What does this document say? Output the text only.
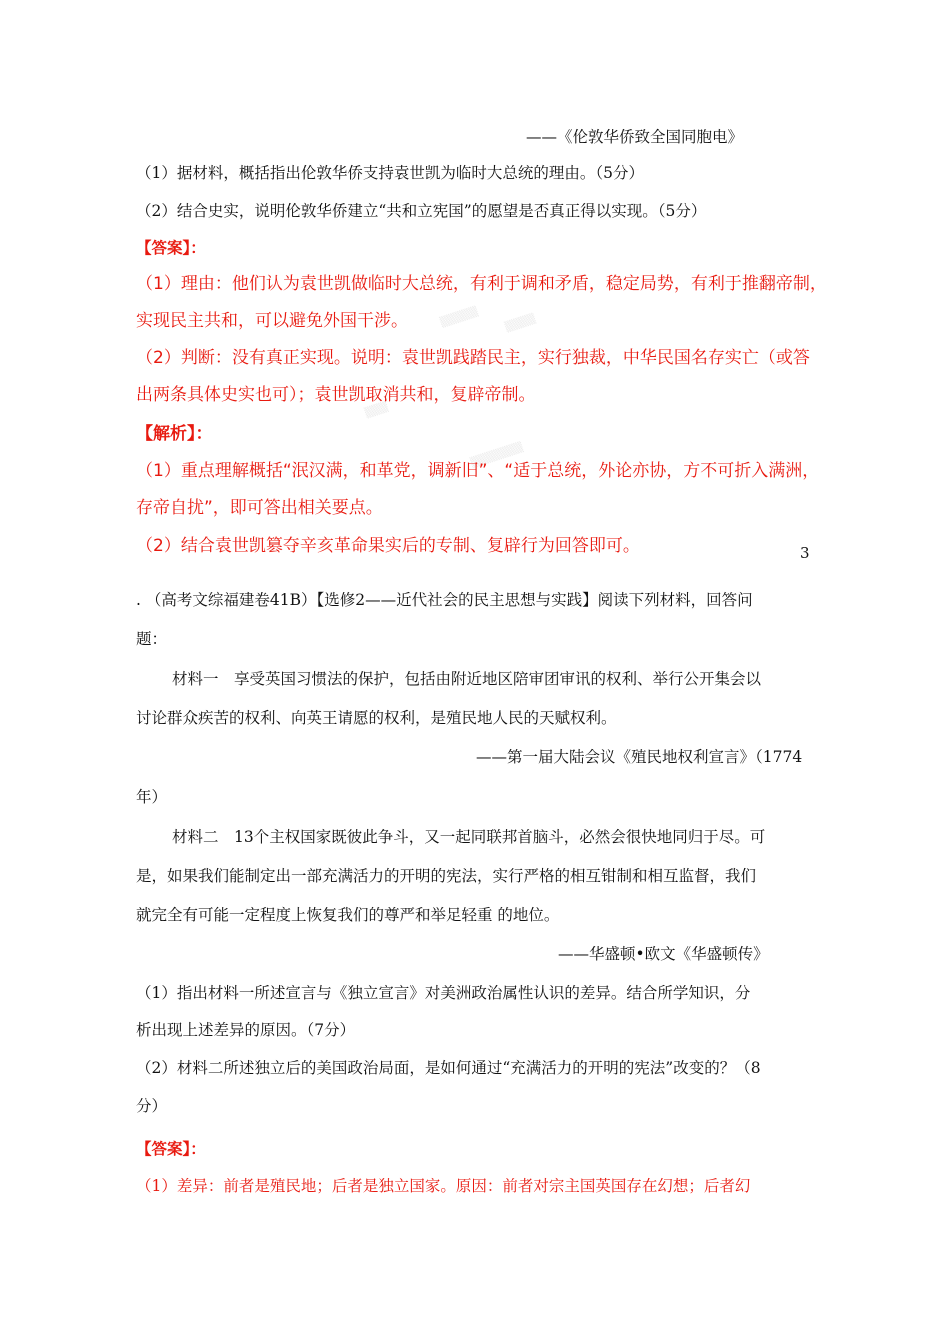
▒▒▒▒▒ ▒▒▒▒
▒▒▒
▒▒▒▒▒▒▒
——《伦敦华侨致全国同胞电》
（1）据材料，概括指出伦敦华侨支持袁世凯为临时大总统的理由。（5分）
（2）结合史实，说明伦敦华侨建立“共和立宪国”的愿望是否真正得以实现。（5分）
【答案】：
（1）理由：他们认为袁世凯做临时大总统，有利于调和矛盾，稳定局势，有利于推翻帝制，
实现民主共和，可以避免外国干涉。
（2）判断：没有真正实现。说明：袁世凯践踏民主，实行独裁，中华民国名存实亡（或答
出两条具体史实也可）；袁世凯取消共和，复辟帝制。
【解析】：
（1）重点理解概括“泯汉满，和革党，调新旧”、“适于总统，外论亦协，方不可折入满洲，
存帝自扰”，即可答出相关要点。
（2）结合袁世凯篡夺辛亥革命果实后的专制、复辟行为回答即可。	3
. （高考文综福建卷41B）【选修2——近代社会的民主思想与实践】阅读下列材料，回答问
题：
材料一　享受英国习惯法的保护，包括由附近地区陪审团审讯的权利、举行公开集会以
讨论群众疾苦的权利、向英王请愿的权利，是殖民地人民的天赋权利。
——第一届大陆会议《殖民地权利宣言》（1774
年）
材料二　13个主权国家既彼此争斗，又一起同联邦首脑斗，必然会很快地同归于尽。可
是，如果我们能制定出一部充满活力的开明的宪法，实行严格的相互钳制和相互监督，我们
就完全有可能一定程度上恢复我们的尊严和举足轻重 的地位。
——华盛顿•欧文《华盛顿传》
（1）指出材料一所述宣言与《独立宣言》对美洲政治属性认识的差异。结合所学知识，分
析出现上述差异的原因。（7分）
（2）材料二所述独立后的美国政治局面，是如何通过“充满活力的开明的宪法”改变的？（8
分）
【答案】：
（1）差异：前者是殖民地；后者是独立国家。原因：前者对宗主国英国存在幻想；后者幻
